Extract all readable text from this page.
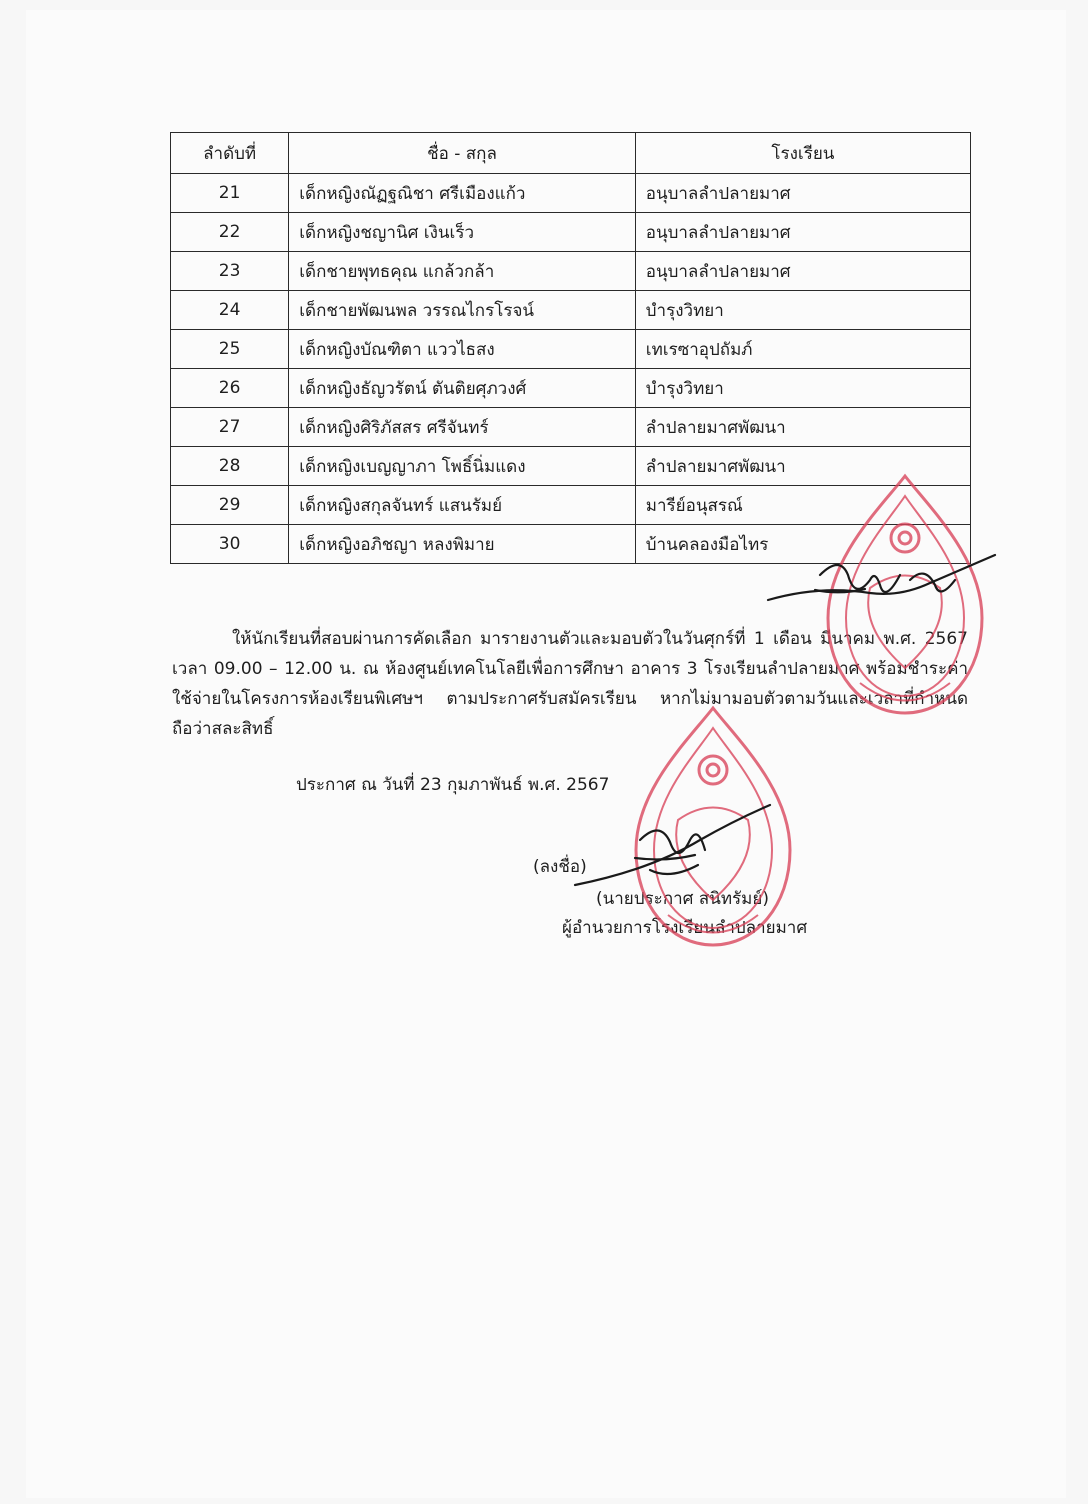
ลำดับที่	ชื่อ - สกุล	โรงเรียน
21	เด็กหญิงณัฏฐณิชา ศรีเมืองแก้ว	อนุบาลลำปลายมาศ
22	เด็กหญิงชญานิศ เงินเร็ว	อนุบาลลำปลายมาศ
23	เด็กชายพุทธคุณ แกล้วกล้า	อนุบาลลำปลายมาศ
24	เด็กชายพัฒนพล วรรณไกรโรจน์	บำรุงวิทยา
25	เด็กหญิงบัณฑิตา แววไธสง	เทเรซาอุปถัมภ์
26	เด็กหญิงธัญวรัตน์ ตันติยศุภวงศ์	บำรุงวิทยา
27	เด็กหญิงศิริภัสสร ศรีจันทร์	ลำปลายมาศพัฒนา
28	เด็กหญิงเบญญาภา โพธิ์นิ่มแดง	ลำปลายมาศพัฒนา
29	เด็กหญิงสกุลจันทร์ แสนรัมย์	มารีย์อนุสรณ์
30	เด็กหญิงอภิชญา หลงพิมาย	บ้านคลองมือไทร

ให้นักเรียนที่สอบผ่านการคัดเลือก มารายงานตัวและมอบตัวในวันศุกร์ที่ 1 เดือน มีนาคม พ.ศ. 2567 เวลา 09.00 – 12.00 น. ณ ห้องศูนย์เทคโนโลยีเพื่อการศึกษา อาคาร 3 โรงเรียนลำปลายมาศ พร้อมชำระค่าใช้จ่ายในโครงการห้องเรียนพิเศษฯ ตามประกาศรับสมัครเรียน หากไม่มามอบตัวตามวันและเวลาที่กำหนดถือว่าสละสิทธิ์

ประกาศ ณ วันที่ 23 กุมภาพันธ์ พ.ศ. 2567
(ลงชื่อ)
(นายประกาศ สนิทรัมย์)
ผู้อำนวยการโรงเรียนลำปลายมาศ
